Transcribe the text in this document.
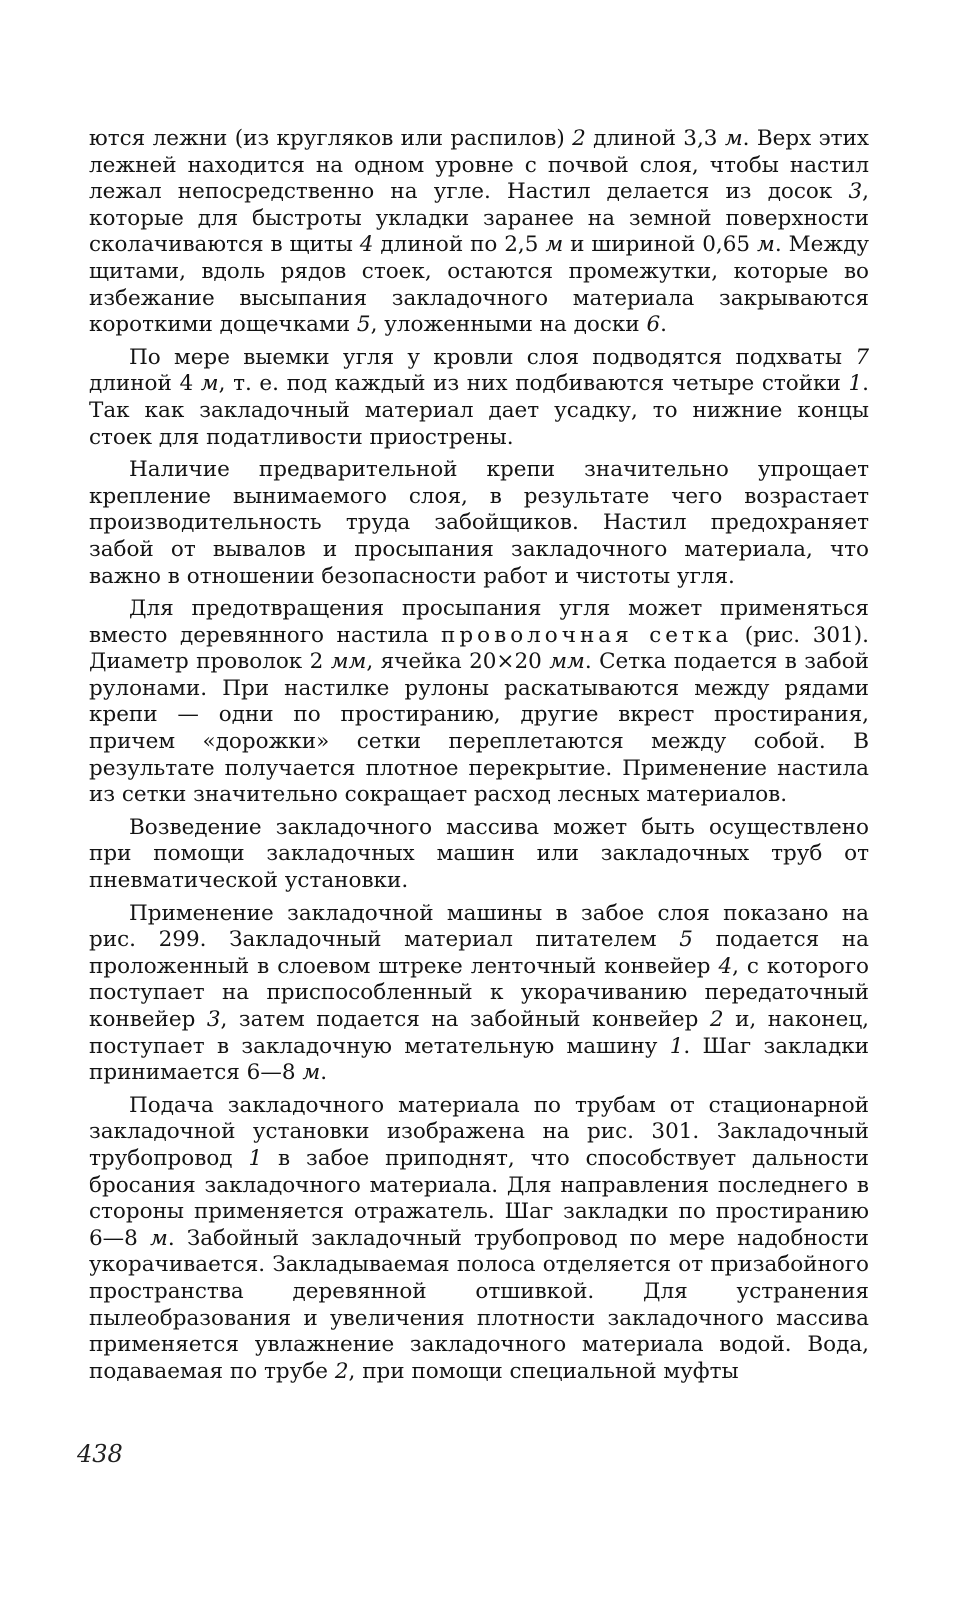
ются лежни (из кругляков или распилов) 2 длиной 3,3 м. Верх этих лежней находится на одном уровне с почвой слоя, чтобы настил лежал непосредственно на угле. Настил делается из досок 3, которые для быстроты укладки заранее на земной поверхности сколачиваются в щиты 4 длиной по 2,5 м и шириной 0,65 м. Между щитами, вдоль рядов стоек, остаются промежутки, которые во избежание высыпания закладочного материала закрываются короткими дощечками 5, уложенными на доски 6.

По мере выемки угля у кровли слоя подводятся подхваты 7 длиной 4 м, т. е. под каждый из них подбиваются четыре стойки 1. Так как закладочный материал дает усадку, то нижние концы стоек для податливости приострены.

Наличие предварительной крепи значительно упрощает крепление вынимаемого слоя, в результате чего возрастает производительность труда забойщиков. Настил предохраняет забой от вывалов и просыпания закладочного материала, что важно в отношении безопасности работ и чистоты угля.

Для предотвращения просыпания угля может применяться вместо деревянного настила проволочная сетка (рис. 301). Диаметр проволок 2 мм, ячейка 20×20 мм. Сетка подается в забой рулонами. При настилке рулоны раскатываются между рядами крепи — одни по простиранию, другие вкрест простирания, причем «дорожки» сетки переплетаются между собой. В результате получается плотное перекрытие. Применение настила из сетки значительно сокращает расход лесных материалов.

Возведение закладочного массива может быть осуществлено при помощи закладочных машин или закладочных труб от пневматической установки.

Применение закладочной машины в забое слоя показано на рис. 299. Закладочный материал питателем 5 подается на проложенный в слоевом штреке ленточный конвейер 4, с которого поступает на приспособленный к укорачиванию передаточный конвейер 3, затем подается на забойный конвейер 2 и, наконец, поступает в закладочную метательную машину 1. Шаг закладки принимается 6—8 м.

Подача закладочного материала по трубам от стационарной закладочной установки изображена на рис. 301. Закладочный трубопровод 1 в забое приподнят, что способствует дальности бросания закладочного материала. Для направления последнего в стороны применяется отражатель. Шаг закладки по простиранию 6—8 м. Забойный закладочный трубопровод по мере надобности укорачивается. Закладываемая полоса отделяется от призабойного пространства деревянной отшивкой. Для устранения пылеобразования и увеличения плотности закладочного массива применяется увлажнение закладочного материала водой. Вода, подаваемая по трубе 2, при помощи специальной муфты

438
